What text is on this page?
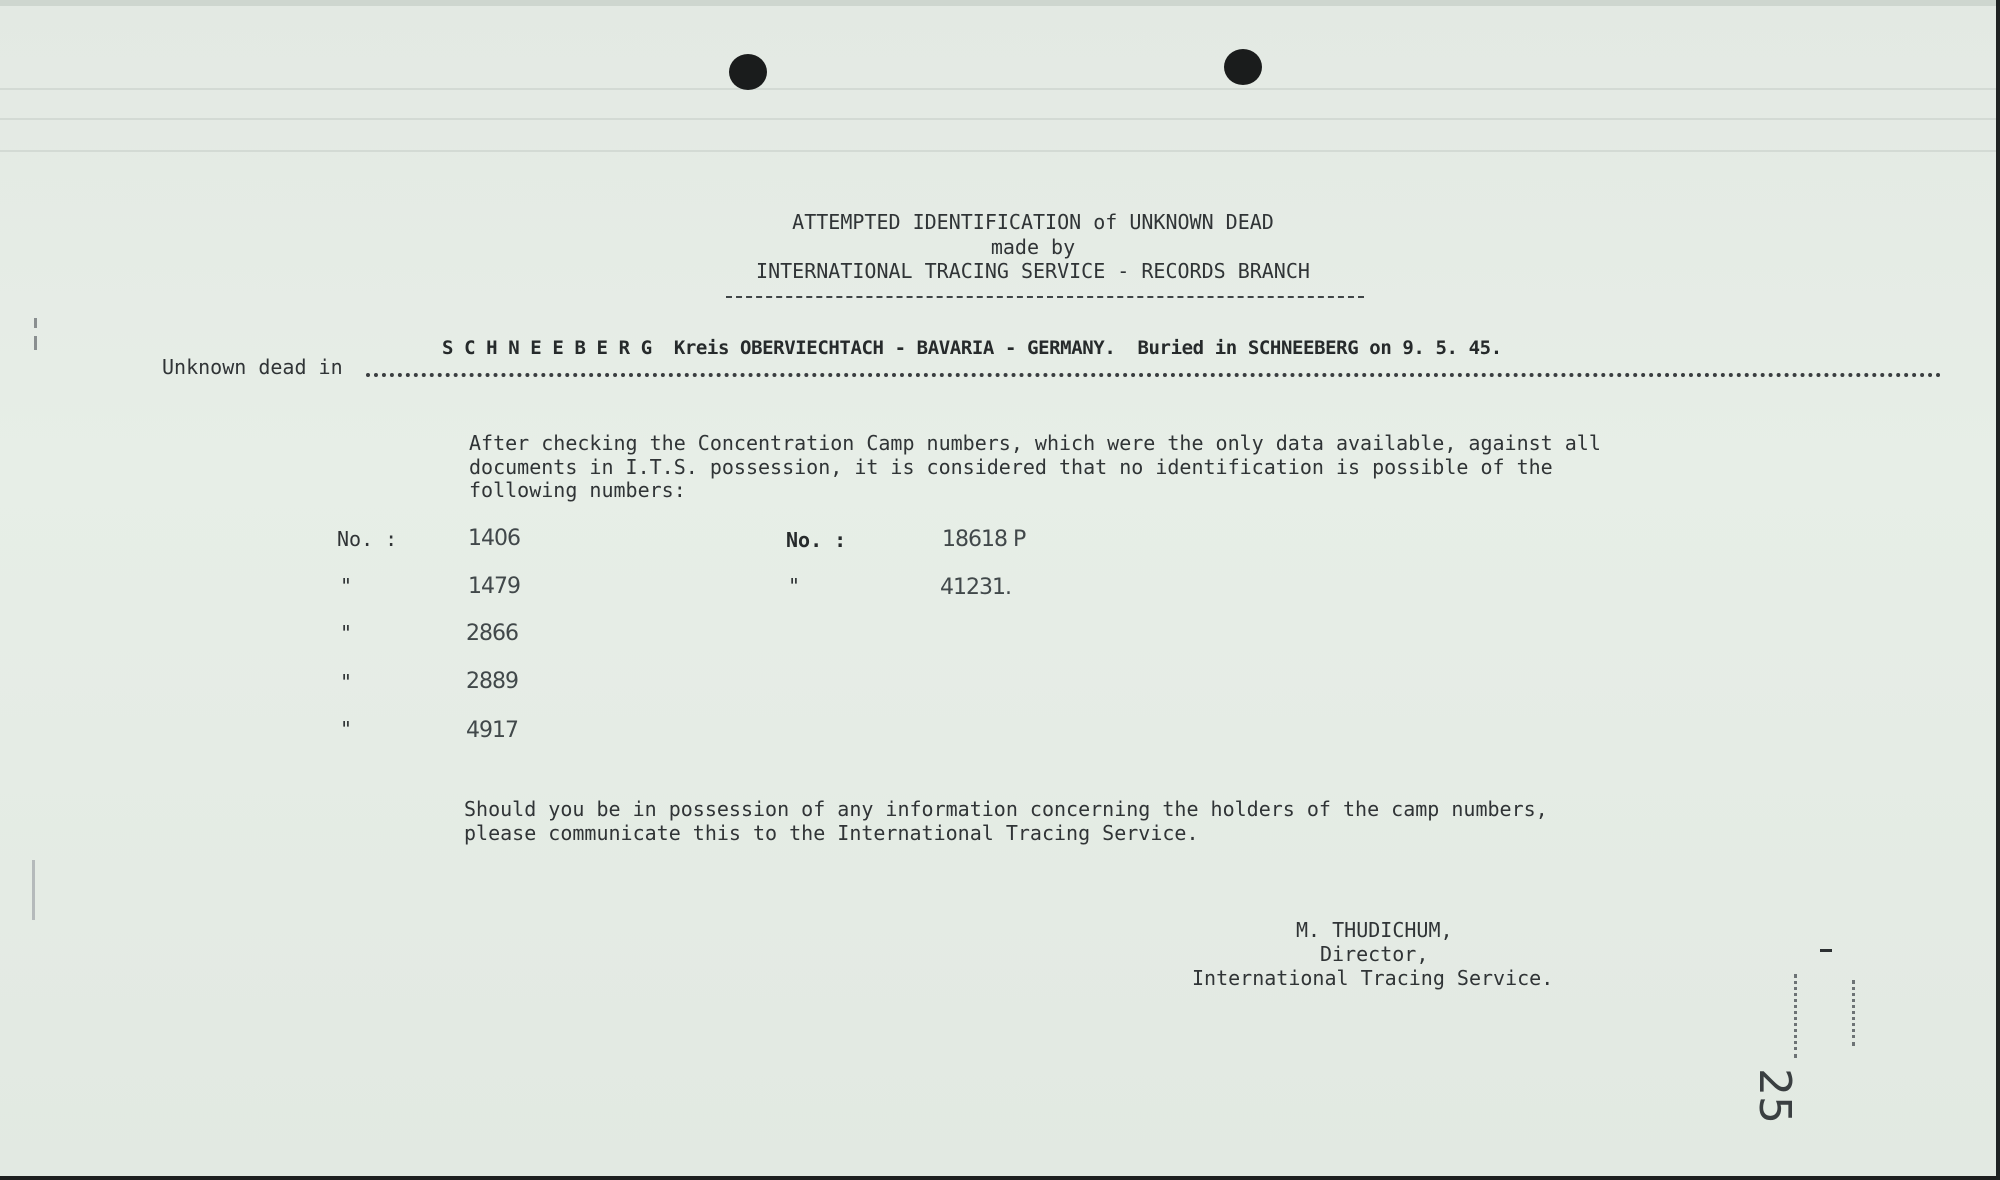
ATTEMPTED IDENTIFICATION of UNKNOWN DEAD
made by
INTERNATIONAL TRACING SERVICE - RECORDS BRANCH
Unknown dead in
S C H N E E B E R G  Kreis OBERVIECHTACH - BAVARIA - GERMANY.  Buried in SCHNEEBERG on 9. 5. 45.
After checking the Concentration Camp numbers, which were the only data available, against all
documents in I.T.S. possession, it is considered that no identification is possible of the
following numbers:
No. :
"
"
"
"
1406
1479
2866
2889
4917
No. :
"
18618 P
41231.
Should you be in possession of any information concerning the holders of the camp numbers,
please communicate this to the International Tracing Service.
M. THUDICHUM,
Director,
International Tracing Service.
25
